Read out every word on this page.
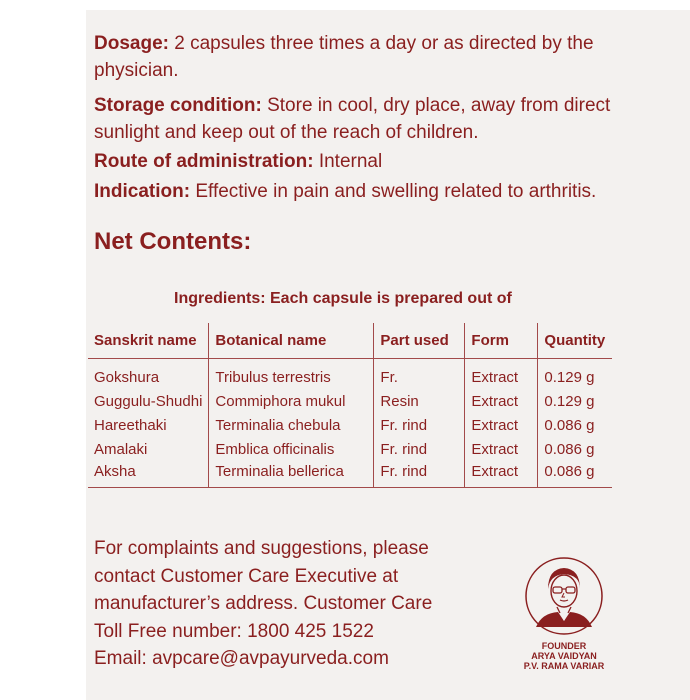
Dosage: 2 capsules three times a day or as directed by the physician.
Storage condition: Store in cool, dry place, away from direct sunlight and keep out of the reach of children.
Route of administration: Internal
Indication: Effective in pain and swelling related to arthritis.
Net Contents:
Ingredients: Each capsule is prepared out of
Sanskrit name	Botanical name	Part used	Form	Quantity
Gokshura	Tribulus terrestris	Fr.	Extract	0.129 g
Guggulu-Shudhi	Commiphora mukul	Resin	Extract	0.129 g
Hareethaki	Terminalia chebula	Fr. rind	Extract	0.086 g
Amalaki	Emblica officinalis	Fr. rind	Extract	0.086 g
Aksha	Terminalia bellerica	Fr. rind	Extract	0.086 g
For complaints and suggestions, please
contact Customer Care Executive at
manufacturer’s address. Customer Care
Toll Free number: 1800 425 1522
Email: avpcare@avpayurveda.com
FOUNDER
ARYA VAIDYAN
P.V. RAMA VARIAR
